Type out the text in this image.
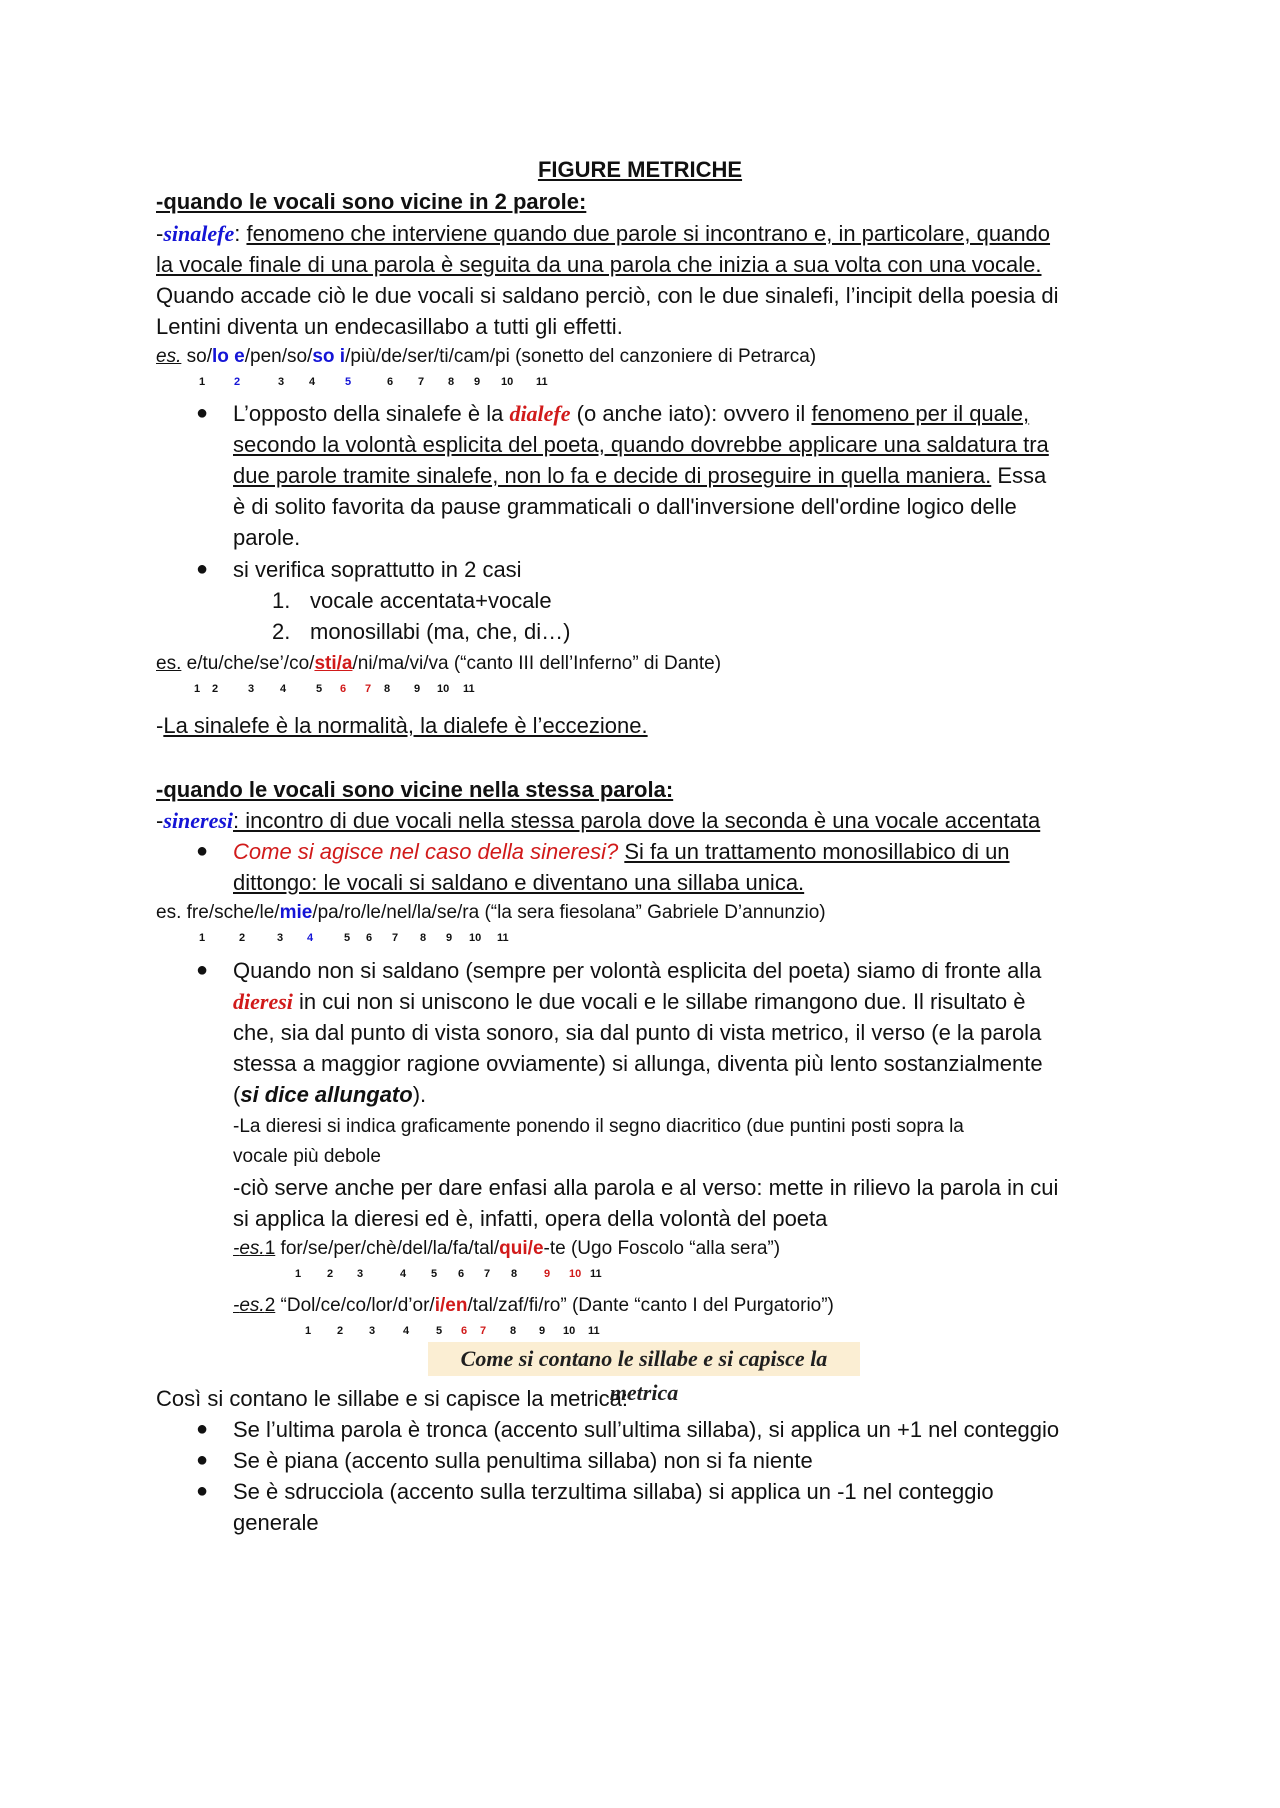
FIGURE METRICHE
-quando le vocali sono vicine in 2 parole:
-sinalefe: fenomeno che interviene quando due parole si incontrano e, in particolare, quando
la vocale finale di una parola è seguita da una parola che inizia a sua volta con una vocale.
Quando accade ciò le due vocali si saldano perciò, con le due sinalefi, l’incipit della poesia di
Lentini diventa un endecasillabo a tutti gli effetti.
es. so/lo e/pen/so/so i/più/de/ser/ti/cam/pi (sonetto del canzoniere di Petrarca)
1	2	3 4	5	6 7 8 9 10 11
● L’opposto della sinalefe è la dialefe (o anche iato): ovvero il fenomeno per il quale,
secondo la volontà esplicita del poeta, quando dovrebbe applicare una saldatura tra
due parole tramite sinalefe, non lo fa e decide di proseguire in quella maniera. Essa
è di solito favorita da pause grammaticali o dall'inversione dell'ordine logico delle
parole.
● si verifica soprattutto in 2 casi
1. vocale accentata+vocale
2. monosillabi (ma, che, di…)
es. e/tu/che/se’/co/sti/a/ni/ma/vi/va (“canto III dell’Inferno” di Dante)
1 2	3 4	5 6 7 8 9 10 11
-La sinalefe è la normalità, la dialefe è l’eccezione.
-quando le vocali sono vicine nella stessa parola:
-sineresi: incontro di due vocali nella stessa parola dove la seconda è una vocale accentata
● Come si agisce nel caso della sineresi? Si fa un trattamento monosillabico di un
dittongo: le vocali si saldano e diventano una sillaba unica.
es. fre/sche/le/mie/pa/ro/le/nel/la/se/ra (“la sera fiesolana” Gabriele D’annunzio)
1	2	3 4	5 6 7 8 9 10 11
● Quando non si saldano (sempre per volontà esplicita del poeta) siamo di fronte alla
dieresi in cui non si uniscono le due vocali e le sillabe rimangono due. Il risultato è
che, sia dal punto di vista sonoro, sia dal punto di vista metrico, il verso (e la parola
stessa a maggior ragione ovviamente) si allunga, diventa più lento sostanzialmente
(si dice allungato).
-La dieresi si indica graficamente ponendo il segno diacritico (due puntini posti sopra la
vocale più debole
-ciò serve anche per dare enfasi alla parola e al verso: mette in rilievo la parola in cui
si applica la dieresi ed è, infatti, opera della volontà del poeta
-es.1 for/se/per/chè/del/la/fa/tal/qui/e-te (Ugo Foscolo “alla sera”)
1 2 3	4 5 6 7 8 9 10 11
-es.2 “Dol/ce/co/lor/d’or/i/en/tal/zaf/fi/ro” (Dante “canto I del Purgatorio”)
1 2 3	4 5 6 7 8 9 10 11
Come si contano le sillabe e si capisce la metrica
Così si contano le sillabe e si capisce la metrica:
● Se l’ultima parola è tronca (accento sull’ultima sillaba), si applica un +1 nel conteggio
● Se è piana (accento sulla penultima sillaba) non si fa niente
● Se è sdrucciola (accento sulla terzultima sillaba) si applica un -1 nel conteggio
generale
